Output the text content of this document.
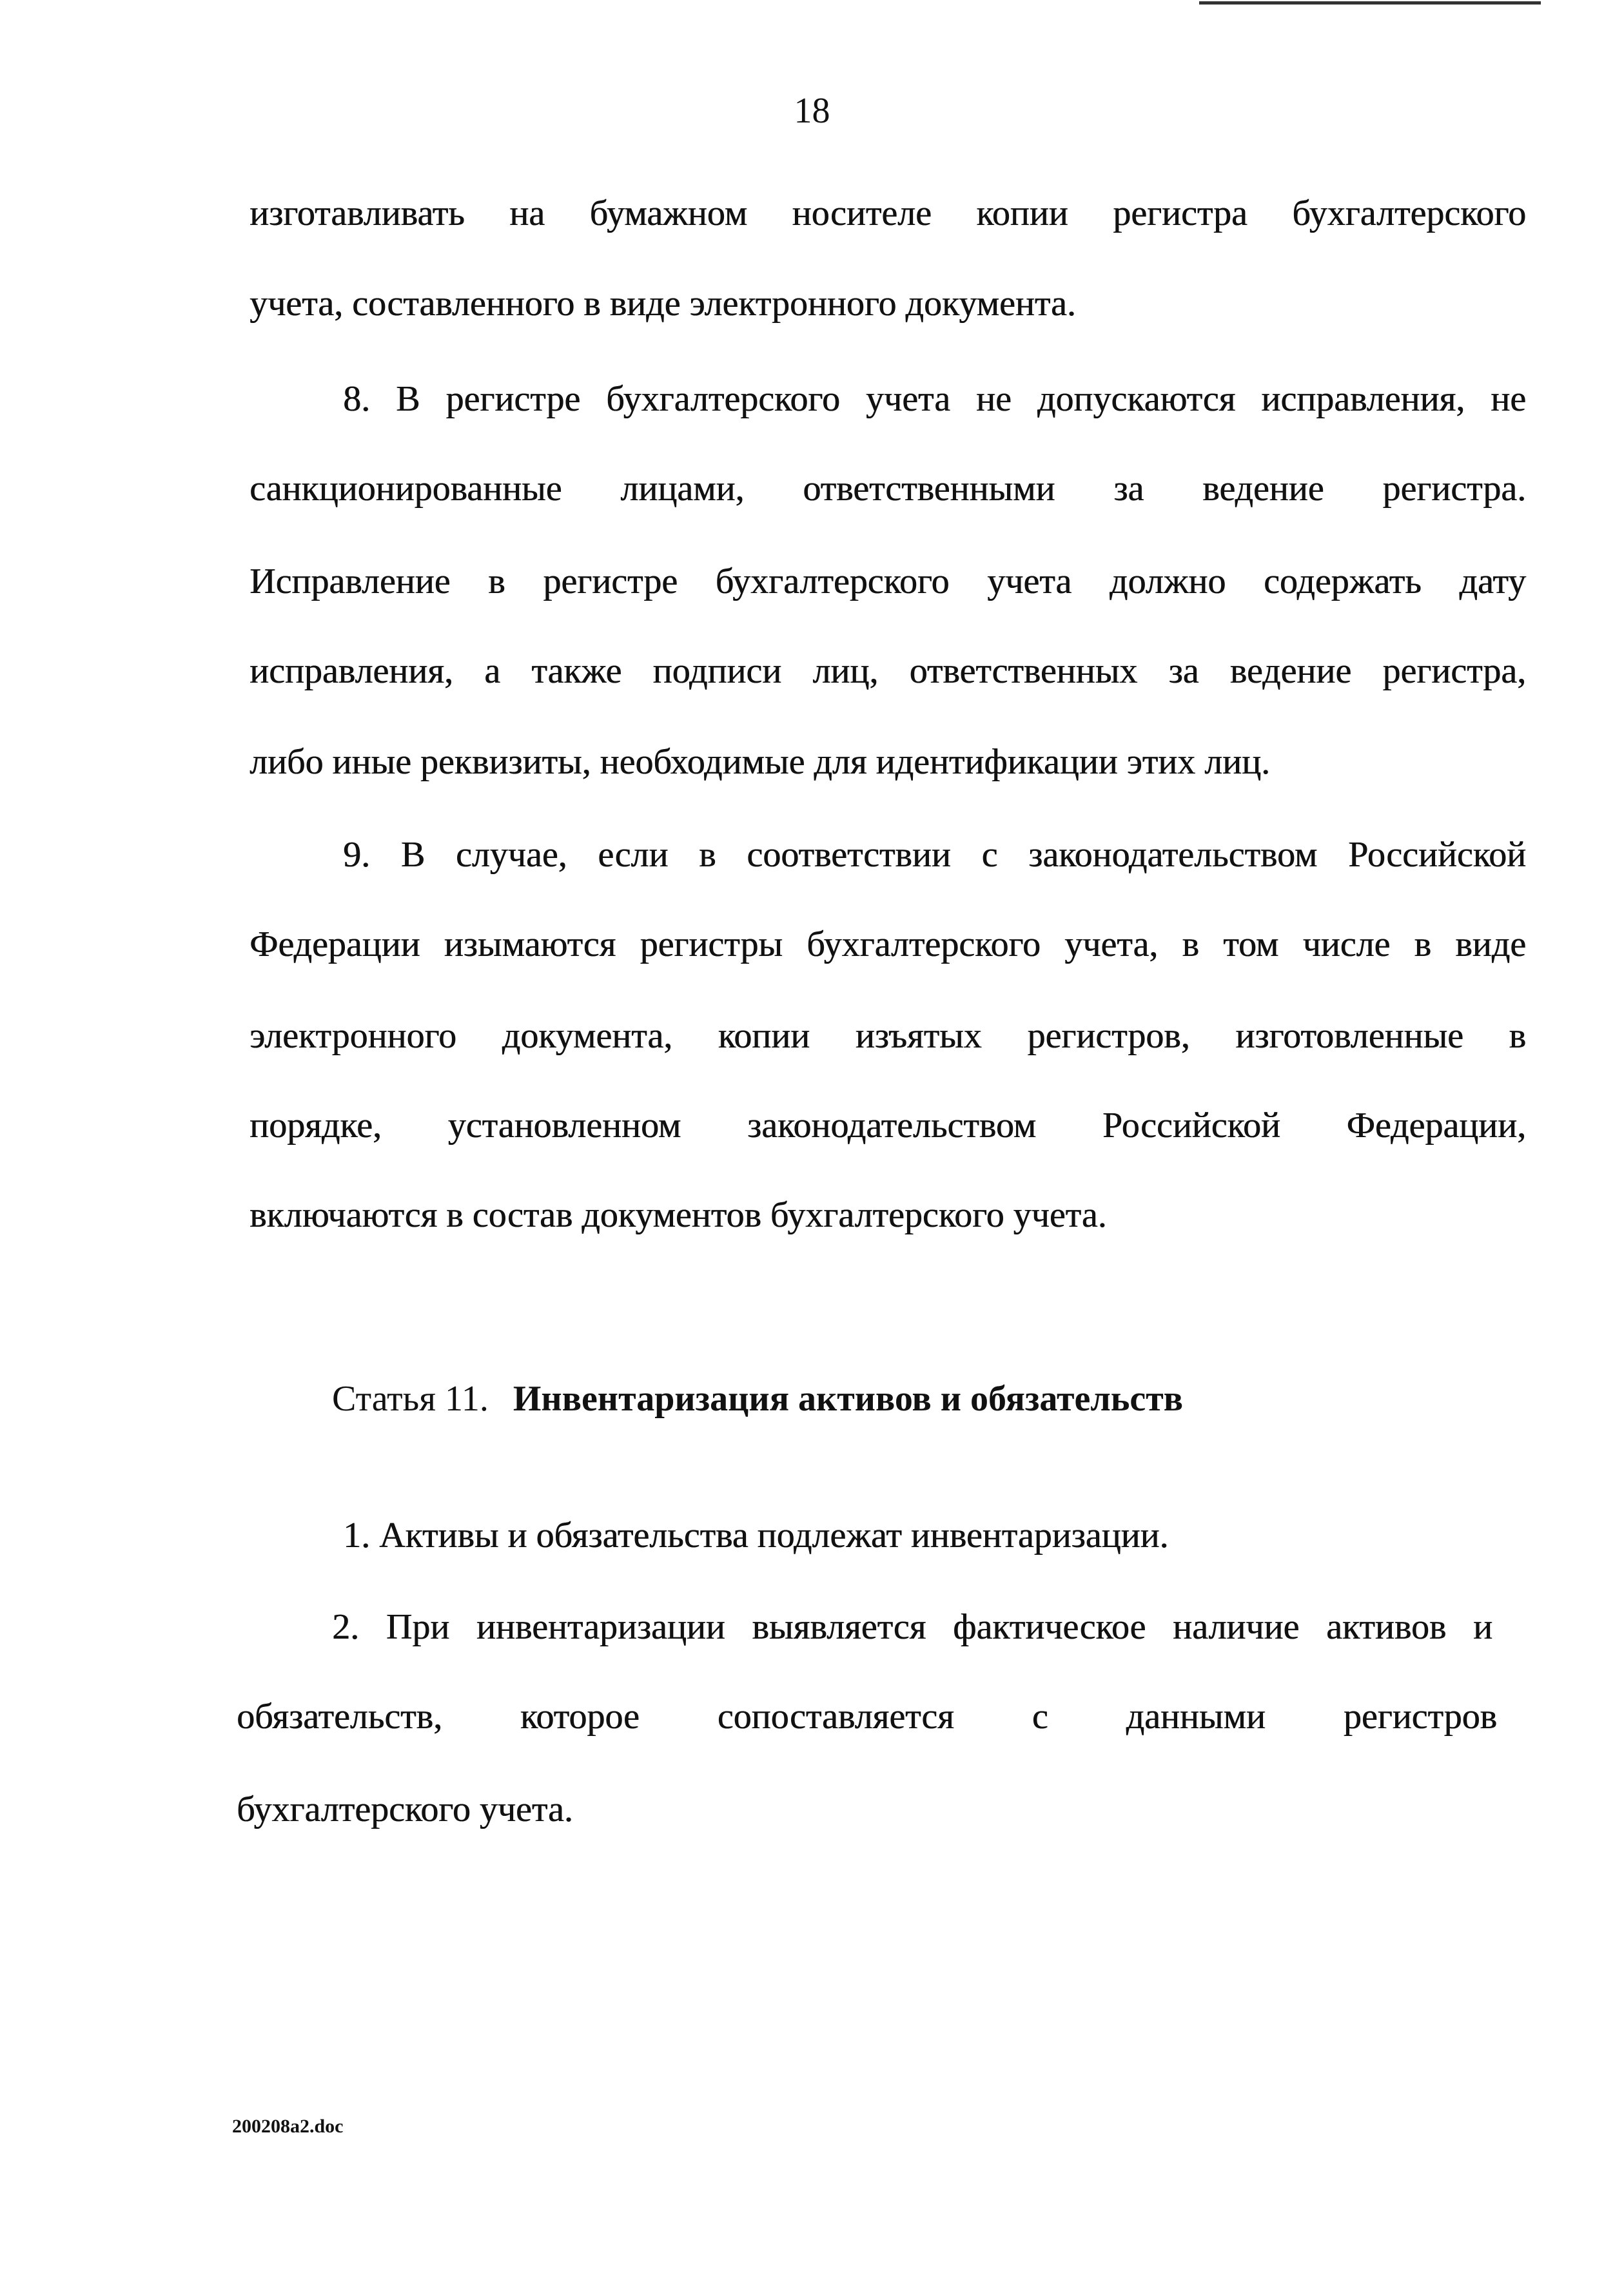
18
изготавливать на бумажном носителе копии регистра бухгалтерского
учета, составленного в виде электронного документа.
8. В регистре бухгалтерского учета не допускаются исправления, не
санкционированные лицами, ответственными за ведение регистра.
Исправление в регистре бухгалтерского учета должно содержать дату
исправления, а также подписи лиц, ответственных за ведение регистра,
либо иные реквизиты, необходимые для идентификации этих лиц.
9. В случае, если в соответствии с законодательством Российской
Федерации изымаются регистры бухгалтерского учета, в том числе в виде
электронного документа, копии изъятых регистров, изготовленные в
порядке, установленном законодательством Российской Федерации,
включаются в состав документов бухгалтерского учета.
Статья 11. Инвентаризация активов и обязательств
1. Активы и обязательства подлежат инвентаризации.
2. При инвентаризации выявляется фактическое наличие активов и
обязательств, которое сопоставляется с данными регистров
бухгалтерского учета.
200208a2.doc
